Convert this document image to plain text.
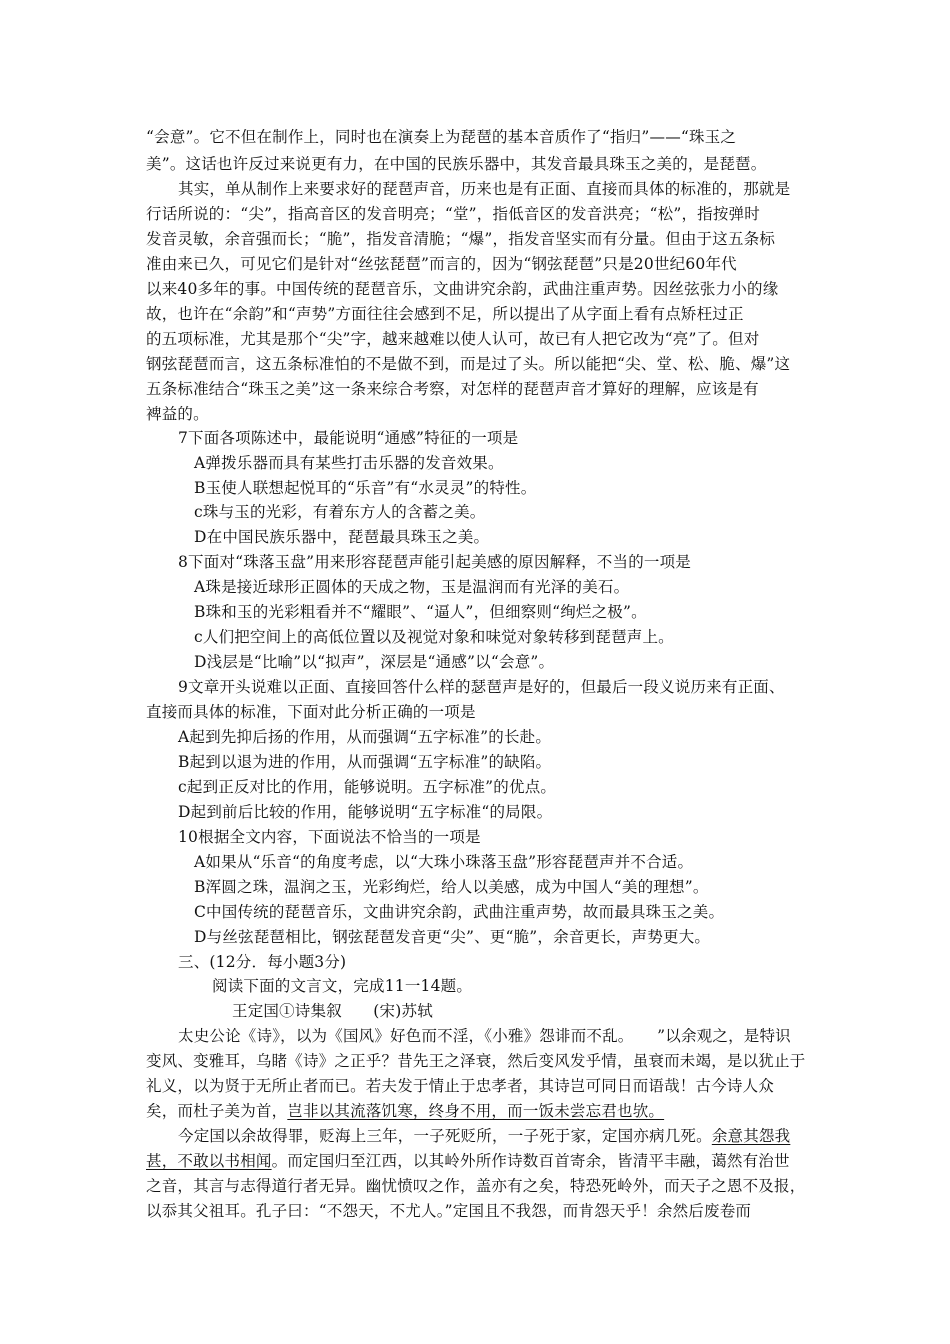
“会意”。它不但在制作上，同时也在演奏上为琵琶的基本音质作了“指归”——“珠玉之
美”。这话也许反过来说更有力，在中国的民族乐器中，其发音最具珠玉之美的，是琵琶。
其实，单从制作上来要求好的琵琶声音，历来也是有正面、直接而具体的标准的，那就是
行话所说的：“尖”，指高音区的发音明亮；“堂”，指低音区的发音洪亮；“松”，指按弹时
发音灵敏，余音强而长；“脆”，指发音清脆；“爆”，指发音坚实而有分量。但由于这五条标
准由来已久，可见它们是针对“丝弦琵琶”而言的，因为“钢弦琵琶”只是20世纪60年代
以来40多年的事。中国传统的琵琶音乐，文曲讲究余韵，武曲注重声势。因丝弦张力小的缘
故，也许在“余韵”和“声势”方面往往会感到不足，所以提出了从字面上看有点矫枉过正
的五项标准，尤其是那个“尖”字，越来越难以使人认可，故已有人把它改为“亮”了。但对
钢弦琵琶而言，这五条标准怕的不是做不到，而是过了头。所以能把“尖、堂、松、脆、爆”这
五条标准结合“珠玉之美”这一条来综合考察，对怎样的琵琶声音才算好的理解，应该是有
裨益的。
7下面各项陈述中，最能说明“通感”特征的一项是
A弹拨乐器而具有某些打击乐器的发音效果。
B玉使人联想起悦耳的“乐音”有“水灵灵”的特性。
c珠与玉的光彩，有着东方人的含蓄之美。
D在中国民族乐器中，琵琶最具珠玉之美。
8下面对“珠落玉盘”用来形容琵琶声能引起美感的原因解释，不当的一项是
A珠是接近球形正圆体的天成之物，玉是温润而有光泽的美石。
B珠和玉的光彩粗看并不“耀眼”、“逼人”，但细察则“绚烂之极”。
c人们把空间上的高低位置以及视觉对象和味觉对象转移到琵琶声上。
D浅层是“比喻”以“拟声”，深层是“通感”以“会意”。
9文章开头说难以正面、直接回答什么样的瑟琶声是好的，但最后一段义说历来有正面、
直接而具体的标准，下面对此分析正确的一项是
A起到先抑后扬的作用，从而强调“五字标准”的长赴。
B起到以退为进的作用，从而强调“五字标准”的缺陷。
c起到正反对比的作用，能够说明。五字标准”的优点。
D起到前后比较的作用，能够说明“五字标准“的局限。
10根据全文内容，下面说法不恰当的一项是
A如果从“乐音“的角度考虑，以“大珠小珠落玉盘”形容琵琶声并不合适。
B浑圆之珠，温润之玉，光彩绚烂，给人以美感，成为中国人“美的理想”。
C中国传统的琵琶音乐，文曲讲究余韵，武曲注重声势，故而最具珠玉之美。
D与丝弦琵琶相比，钢弦琵琶发音更“尖”、更“脆”，余音更长，声势更大。
三、(12分．每小题3分)
阅读下面的文言文，完成11一14题。
王定国①诗集叙　　(宋)苏轼
太史公论《诗》，以为《国风》好色而不淫，《小雅》怨诽而不乱。　　”以余观之，是特识
变风、变雅耳，乌睹《诗》之正乎？昔先王之泽衰，然后变风发乎情，虽衰而未竭，是以犹止于
礼义，以为贤于无所止者而已。若夫发于情止于忠孝者，其诗岂可同日而语哉！古今诗人众
矣，而杜子美为首，岂非以其流落饥寒，终身不用，而一饭未尝忘君也欤。
今定国以余故得罪，贬海上三年，一子死贬所，一子死于家，定国亦病几死。余意其怨我
甚，不敢以书相闻。而定国归至江西，以其岭外所作诗数百首寄余，皆清平丰融，蔼然有治世
之音，其言与志得道行者无异。幽忧愤叹之作，盖亦有之矣，特恐死岭外，而天子之恩不及报，
以忝其父祖耳。孔子曰：“不怨天，不尤人。”定国且不我怨，而肯怨天乎！余然后废卷而
